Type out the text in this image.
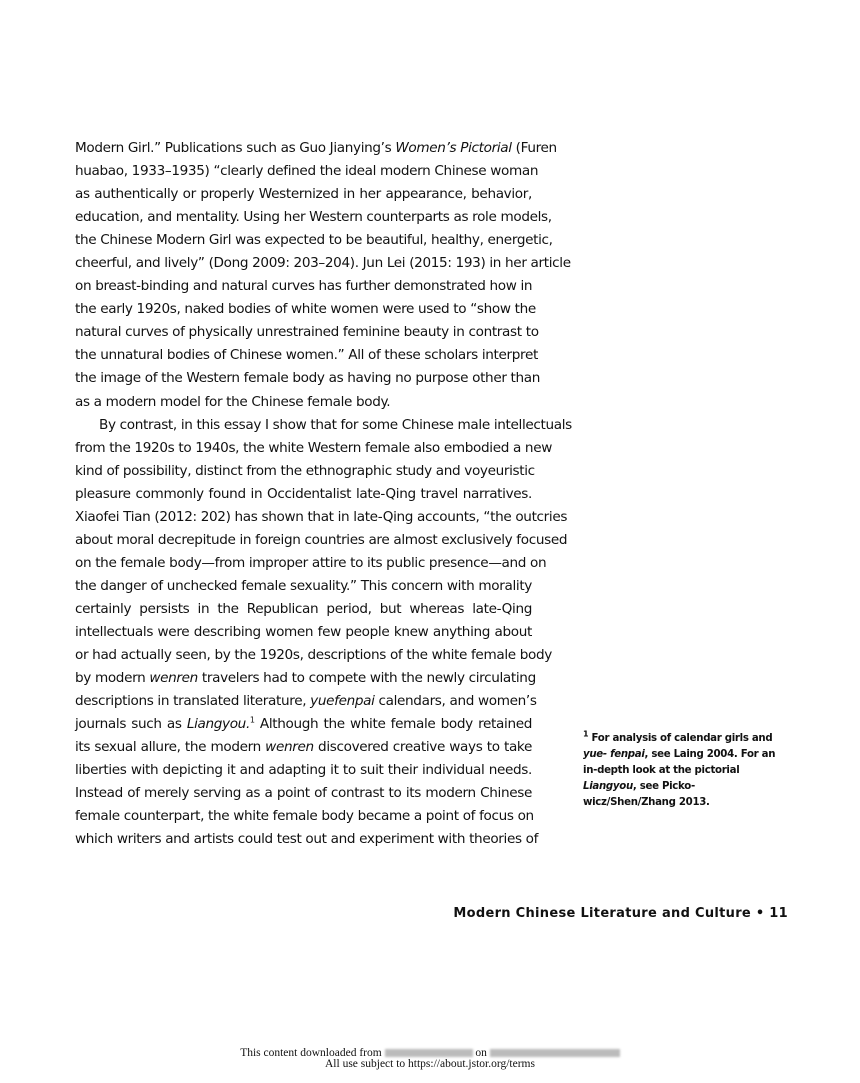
Modern Girl.” Publications such as Guo Jianying’s Women’s Pictorial (Furen
huabao, 1933–1935) “clearly defined the ideal modern Chinese woman
as authentically or properly Westernized in her appearance, behavior,
education, and mentality. Using her Western counterparts as role models,
the Chinese Modern Girl was expected to be beautiful, healthy, energetic,
cheerful, and lively” (Dong 2009: 203–204). Jun Lei (2015: 193) in her article
on breast-binding and natural curves has further demonstrated how in
the early 1920s, naked bodies of white women were used to “show the
natural curves of physically unrestrained feminine beauty in contrast to
the unnatural bodies of Chinese women.” All of these scholars interpret
the image of the Western female body as having no purpose other than
as a modern model for the Chinese female body.
By contrast, in this essay I show that for some Chinese male intellectuals
from the 1920s to 1940s, the white Western female also embodied a new
kind of possibility, distinct from the ethnographic study and voyeuristic
pleasure commonly found in Occidentalist late-Qing travel narratives.
Xiaofei Tian (2012: 202) has shown that in late-Qing accounts, “the outcries
about moral decrepitude in foreign countries are almost exclusively focused
on the female body—from improper attire to its public presence—and on
the danger of unchecked female sexuality.” This concern with morality
certainly persists in the Republican period, but whereas late-Qing
intellectuals were describing women few people knew anything about
or had actually seen, by the 1920s, descriptions of the white female body
by modern wenren travelers had to compete with the newly circulating
descriptions in translated literature, yuefenpai calendars, and women’s
journals such as Liangyou.$^1$ Although the white female body retained
its sexual allure, the modern wenren discovered creative ways to take
liberties with depicting it and adapting it to suit their individual needs.
Instead of merely serving as a point of contrast to its modern Chinese
female counterpart, the white female body became a point of focus on
which writers and artists could test out and experiment with theories of
$^1$ For analysis of calendar girls and yue- fenpai, see Laing 2004. For an in-depth look at the pictorial Liangyou, see Picko-wicz/Shen/Zhang 2013.
Modern Chinese Literature and Culture • 11
This content downloaded from	on
All use subject to https://about.jstor.org/terms
